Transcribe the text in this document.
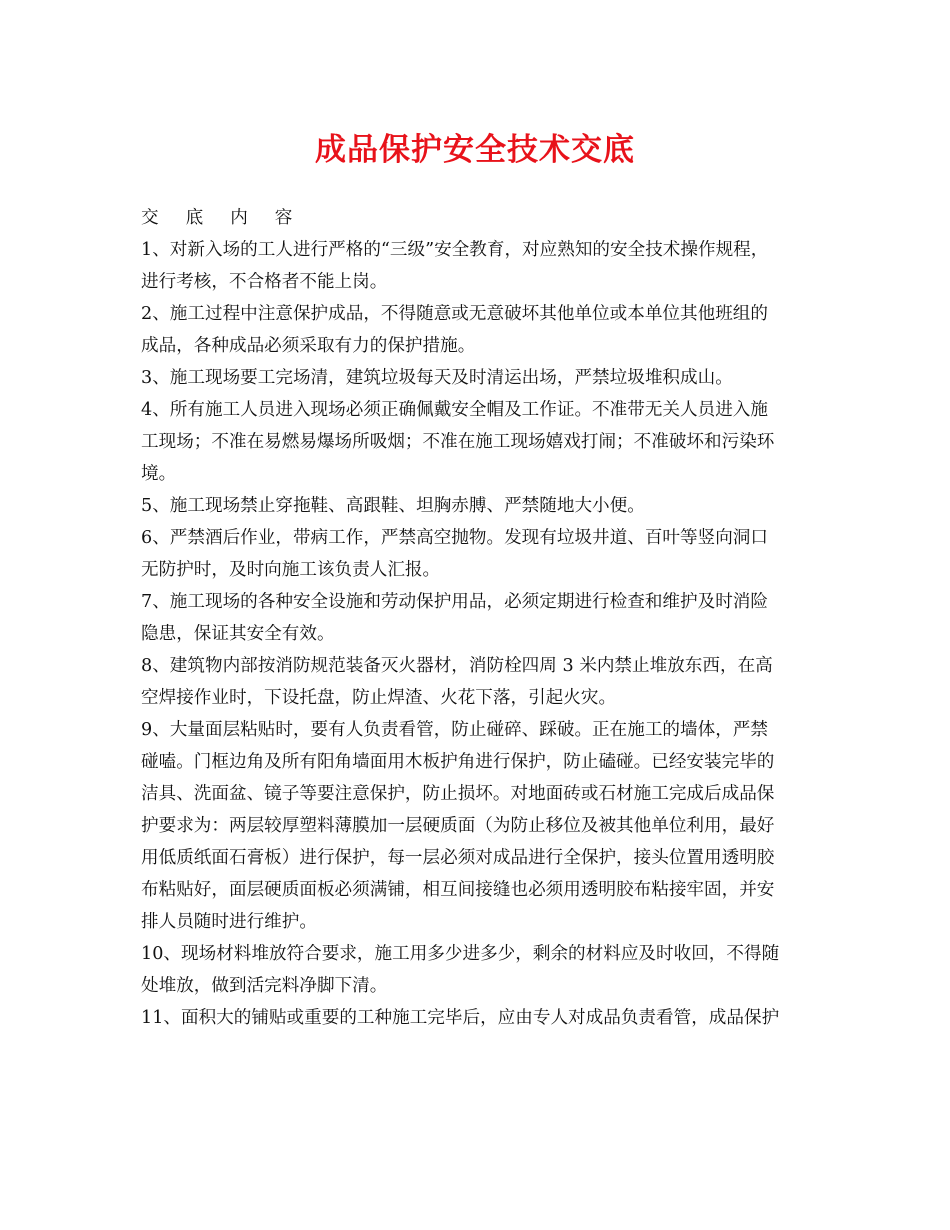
成品保护安全技术交底

交底内容

1、对新入场的工人进行严格的“三级”安全教育，对应熟知的安全技术操作规程，
进行考核，不合格者不能上岗。
2、施工过程中注意保护成品，不得随意或无意破坏其他单位或本单位其他班组的
成品，各种成品必须采取有力的保护措施。
3、施工现场要工完场清，建筑垃圾每天及时清运出场，严禁垃圾堆积成山。
4、所有施工人员进入现场必须正确佩戴安全帽及工作证。不准带无关人员进入施
工现场；不准在易燃易爆场所吸烟；不准在施工现场嬉戏打闹；不准破坏和污染环
境。
5、施工现场禁止穿拖鞋、高跟鞋、坦胸赤膊、严禁随地大小便。
6、严禁酒后作业，带病工作，严禁高空抛物。发现有垃圾井道、百叶等竖向洞口
无防护时，及时向施工该负责人汇报。
7、施工现场的各种安全设施和劳动保护用品，必须定期进行检查和维护及时消险
隐患，保证其安全有效。
8、建筑物内部按消防规范装备灭火器材，消防栓四周 3 米内禁止堆放东西，在高
空焊接作业时，下设托盘，防止焊渣、火花下落，引起火灾。
9、大量面层粘贴时，要有人负责看管，防止碰碎、踩破。正在施工的墙体，严禁
碰嗑。门框边角及所有阳角墙面用木板护角进行保护，防止磕碰。已经安装完毕的
洁具、洗面盆、镜子等要注意保护，防止损坏。对地面砖或石材施工完成后成品保
护要求为：两层较厚塑料薄膜加一层硬质面（为防止移位及被其他单位利用，最好
用低质纸面石膏板）进行保护，每一层必须对成品进行全保护，接头位置用透明胶
布粘贴好，面层硬质面板必须满铺，相互间接缝也必须用透明胶布粘接牢固，并安
排人员随时进行维护。
10、现场材料堆放符合要求，施工用多少进多少，剩余的材料应及时收回，不得随
处堆放，做到活完料净脚下清。
11、面积大的铺贴或重要的工种施工完毕后，应由专人对成品负责看管，成品保护
